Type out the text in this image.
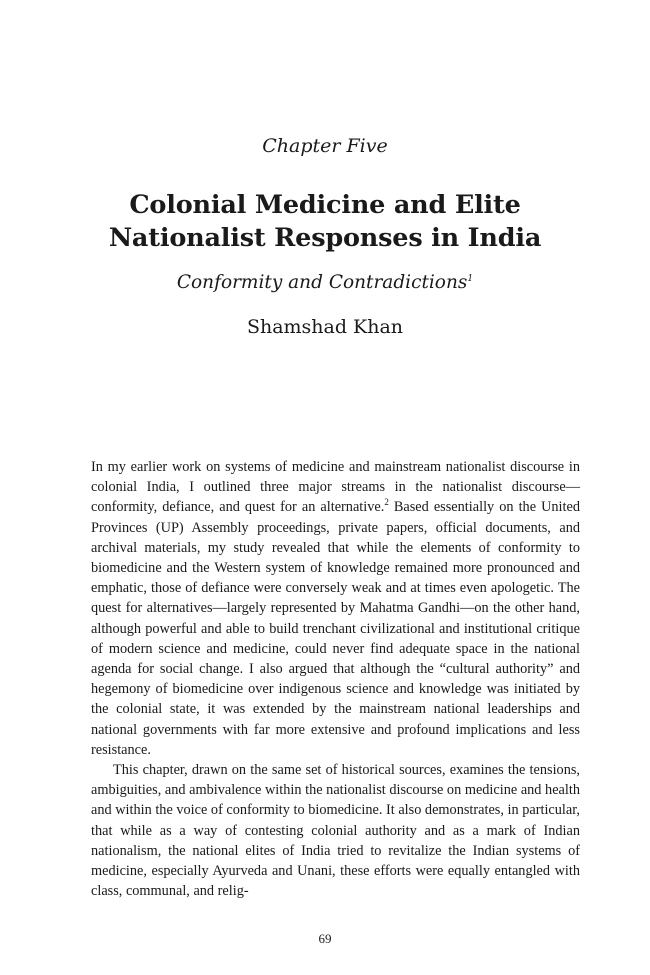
Chapter Five
Colonial Medicine and Elite
Nationalist Responses in India
Conformity and Contradictions$^1$
Shamshad Khan

In my earlier work on systems of medicine and mainstream nationalist discourse in colonial India, I outlined three major streams in the nationalist discourse—conformity, defiance, and quest for an alternative.$^2$ Based essentially on the United Provinces (UP) Assembly proceedings, private papers, official documents, and archival materials, my study revealed that while the elements of conformity to biomedicine and the Western system of knowledge remained more pronounced and emphatic, those of defiance were conversely weak and at times even apologetic. The quest for alternatives—largely represented by Mahatma Gandhi—on the other hand, although powerful and able to build trenchant civilizational and institutional critique of modern science and medicine, could never find adequate space in the national agenda for social change. I also argued that although the “cultural authority” and hegemony of biomedicine over indigenous science and knowledge was initiated by the colonial state, it was extended by the mainstream national leaderships and national governments with far more extensive and profound implications and less resistance.

This chapter, drawn on the same set of historical sources, examines the tensions, ambiguities, and ambivalence within the nationalist discourse on medicine and health and within the voice of conformity to biomedicine. It also demonstrates, in particular, that while as a way of contesting colonial authority and as a mark of Indian nationalism, the national elites of India tried to revitalize the Indian systems of medicine, especially Ayurveda and Unani, these efforts were equally entangled with class, communal, and relig-

69
